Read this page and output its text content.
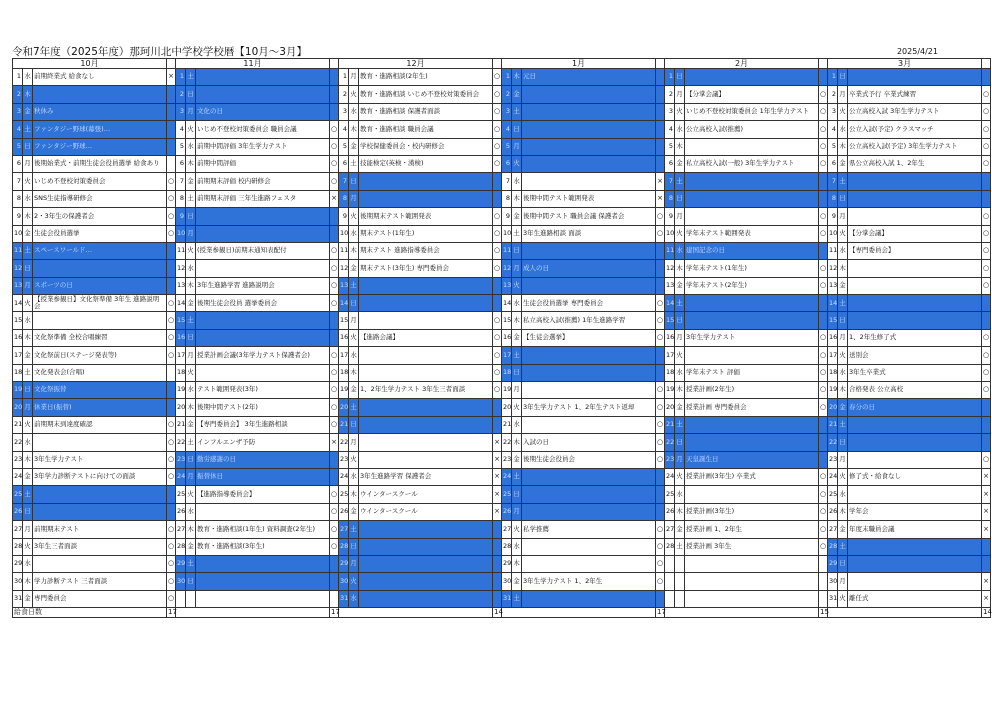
令和7年度（2025年度）那珂川北中学校学校暦【10月～3月】	2025/4/21
10月				11月				12月				1月				2月				3月			
1	水	前期終業式 給食なし	×	1	土			1	月	教育・進路相談(2年生)	○	1	木	元日		1	日			1	日		
2	木			2	日			2	火	教育・進路相談 いじめ不登校対策委員会	○	2	金			2	月	【分掌会議】	○	2	月	卒業式予行 卒業式練習	○
3	金	秋休み		3	月	文化の日		3	水	教育・進路相談 保護者面談	○	3	土			3	火	いじめ不登校対策委員会 1年生学力テスト	○	3	火	公立高校入試 3年生学力テスト	○
4	土	ファンタジー野球(幕張)…		4	火	いじめ不登校対策委員会 職員会議	○	4	木	教育・進路相談 職員会議	○	4	日			4	水	公立高校入試(推薦)	○	4	水	公立入試(予定) クラスマッチ	○
5	日	ファンタジー野球…		5	水	前期中間評価 3年生学力テスト	○	5	金	学校保健委員会・校内研修会	○	5	月			5	木		○	5	木	公立高校入試(予定) 3年生学力テスト	○
6	月	後期始業式・前期生徒会役員選挙 給食あり		6	木	前期中間評価	○	6	土	技能検定(英検・漢検)	○	6	火			6	金	私立高校入試(一般) 3年生学力テスト	○	6	金	県公立高校入試 1、2年生	○
7	火	いじめ不登校対策委員会	○	7	金	前期期末評価 校内研修会	○	7	日			7	水		×	7	土			7	土		
8	水	SNS生徒指導研修会	○	8	土	前期期末評価 三年生進路フェスタ	×	8	月			8	木	後期中間テスト範囲発表	×	8	日			8	日		
9	木	2・3年生の保護者会	○	9	日			9	火	後期期末テスト範囲発表	○	9	金	後期中間テスト 職員会議 保護者会	○	9	月		○	9	月		○
10	金	生徒会役員選挙	○	10	月			10	水	期末テスト(1年生)	○	10	土	3年生進路相談 面談	○	10	火	学年末テスト範囲発表	○	10	火	【分掌会議】	○
11	土	スペースワールド…		11	火	(授業参観日)前期末通知表配付	○	11	木	期末テスト 進路指導委員会	○	11	日			11	水	建国記念の日		11	水	【専門委員会】	○
12	日			12	水		○	12	金	期末テスト(3年生) 専門委員会	○	12	月	成人の日		12	木	学年末テスト(1年生)	○	12	木		○
13	月	スポーツの日		13	木	3年生進路学習 進路説明会	○	13	土			13	火			13	金	学年末テスト(2年生)	○	13	金		○
14	火	【授業参観日】文化祭準備 3年生 進路説明会	○	14	金	後期生徒会役員 選挙委員会	○	14	日			14	水	生徒会役員選挙 専門委員会	○	14	土			14	土		
15	水		○	15	土			15	月		○	15	木	私立高校入試(推薦) 1年生進路学習	○	15	日			15	日		
16	木	文化祭準備 全校合唱練習	○	16	日			16	火	【進路会議】	○	16	金	【生徒会選挙】	○	16	月	3年生学力テスト	○	16	月	1、2年生修了式	○
17	金	文化祭前日(ステージ発表等)	○	17	月	授業計画会議(3年学力テスト保護者会)	○	17	水		○	17	土			17	火		○	17	火	送別会	○
18	土	文化発表会(合唱)		18	火		○	18	木		○	18	日			18	水	学年末テスト 評価	○	18	水	3年生卒業式	○
19	日	文化祭振替		19	水	テスト範囲発表(3年)	○	19	金	1、2年生学力テスト 3年生三者面談	○	19	月		○	19	木	授業計画(2年生)	○	19	木	合格発表 公立高校	○
20	月	休業日(振替)		20	木	後期中間テスト(2年)	○	20	土			20	火	3年生学力テスト 1、2年生テスト返却	○	20	金	授業計画 専門委員会	○	20	金	春分の日	
21	火	前期期末到達度確認	○	21	金	【専門委員会】 3年生進路相談	○	21	日			21	水		○	21	土			21	土		
22	水		○	22	土	インフルエンザ予防	×	22	月		×	22	木	入試の日	○	22	日			22	日		
23	木	3年生学力テスト	○	23	日	勤労感謝の日		23	火		×	23	金	後期生徒会役員会	○	23	月	天皇誕生日		23	月		○
24	金	3年学力診断テストに向けての面談	○	24	月	振替休日		24	水	3年生進路学習 保護者会	×	24	土			24	火	授業計画(3年生) 卒業式	○	24	火	修了式・給食なし	×
25	土			25	火	【進路指導委員会】	○	25	木	ウインタースクール	×	25	日			25	水		○	25	水		×
26	日			26	水		○	26	金	ウインタースクール	×	26	月			26	木	授業計画(3年生)	○	26	木	学年会	×
27	月	前期期末テスト	○	27	木	教育・進路相談(1年生) 資料調査(2年生)	○	27	土			27	火	私学推薦	○	27	金	授業計画 1、2年生	○	27	金	年度末職員会議	×
28	火	3年生三者面談	○	28	金	教育・進路相談(3年生)	○	28	日			28	水		○	28	土	授業計画 3年生	○	28	土		
29	水		○	29	土			29	月			29	木		○					29	日		
30	木	学力診断テスト 三者面談	○	30	日			30	火			30	金	3年生学力テスト 1、2年生	○					30	月		×
31	金	専門委員会	○					31	水			31	土							31	火	離任式	×
給食日数			17				17				14				17				15				14
